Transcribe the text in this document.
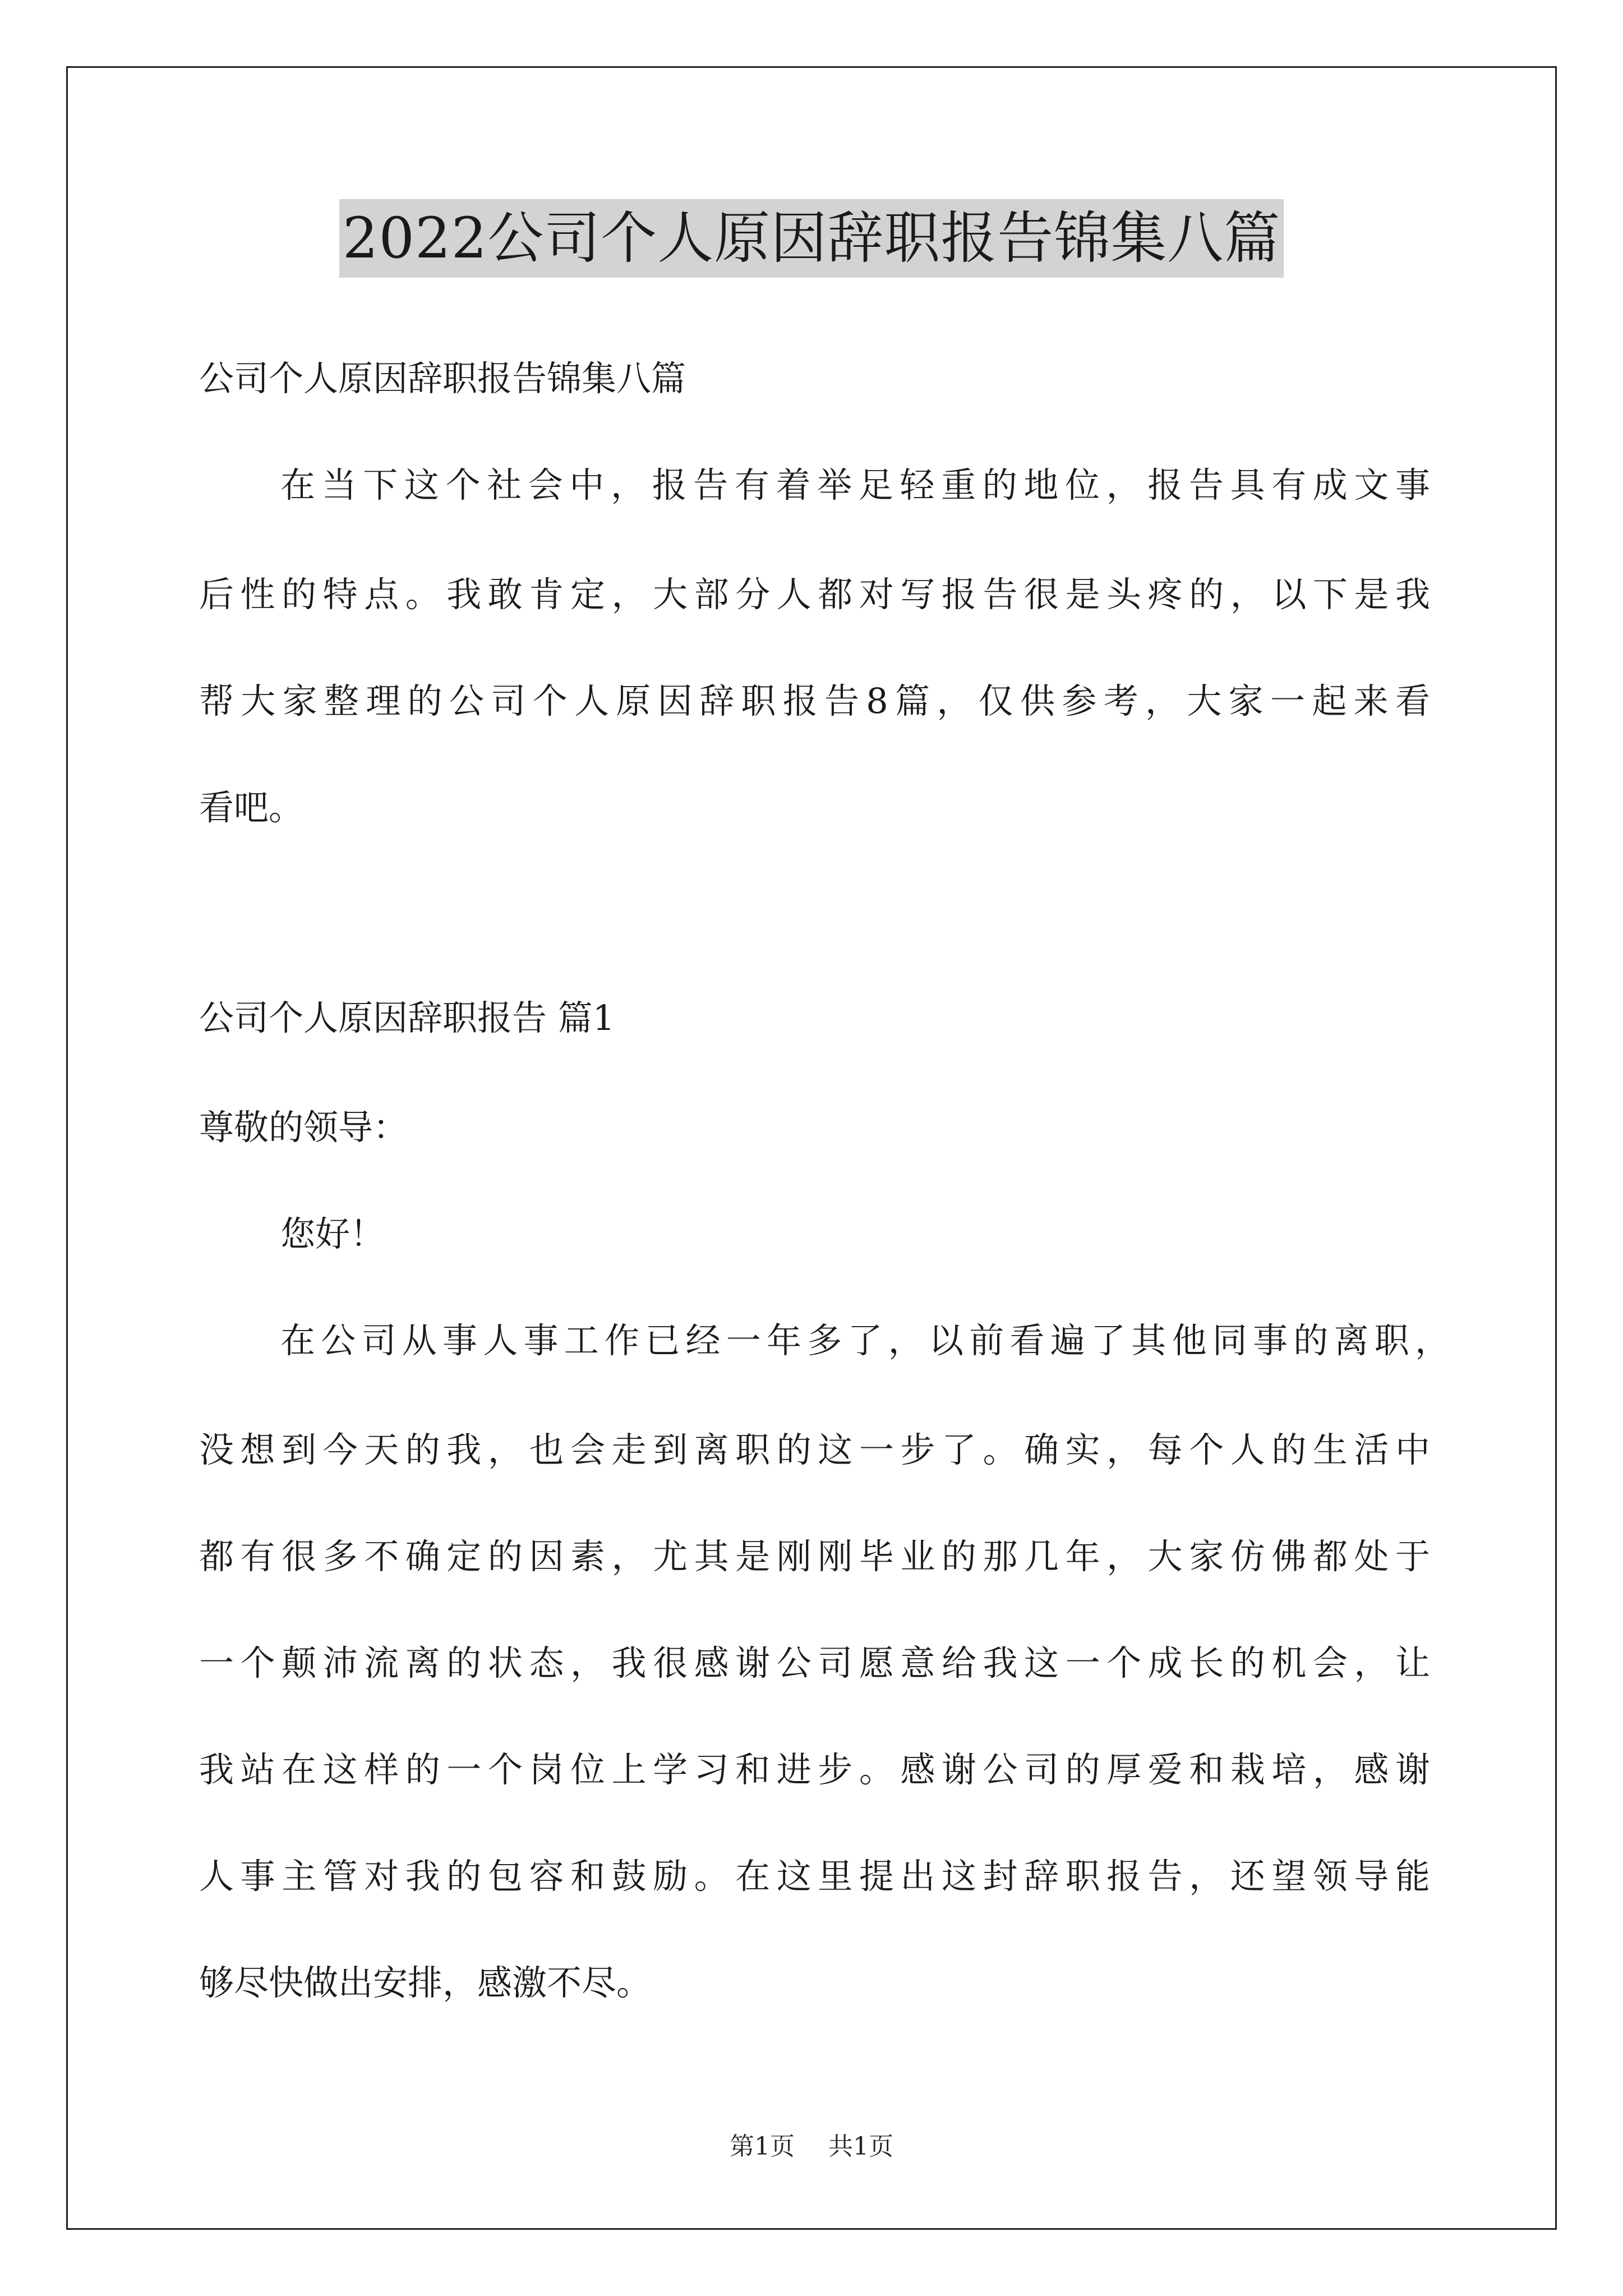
2022公司个人原因辞职报告锦集八篇
公司个人原因辞职报告锦集八篇
在当下这个社会中，报告有着举足轻重的地位，报告具有成文事
后性的特点。我敢肯定，大部分人都对写报告很是头疼的，以下是我
帮大家整理的公司个人原因辞职报告8篇，仅供参考，大家一起来看
看吧。
公司个人原因辞职报告 篇1
尊敬的领导：
您好！
在公司从事人事工作已经一年多了，以前看遍了其他同事的离职，
没想到今天的我，也会走到离职的这一步了。确实，每个人的生活中
都有很多不确定的因素，尤其是刚刚毕业的那几年，大家仿佛都处于
一个颠沛流离的状态，我很感谢公司愿意给我这一个成长的机会，让
我站在这样的一个岗位上学习和进步。感谢公司的厚爱和栽培，感谢
人事主管对我的包容和鼓励。在这里提出这封辞职报告，还望领导能
够尽快做出安排，感激不尽。
第1页 共1页
